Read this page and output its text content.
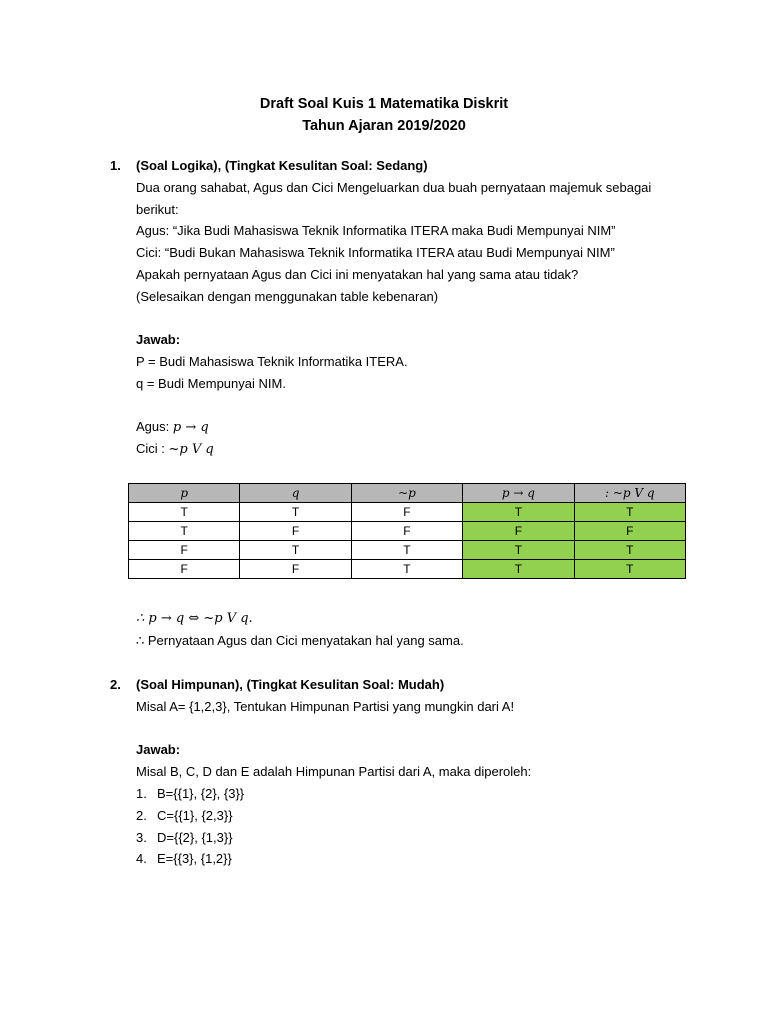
Draft Soal Kuis 1 Matematika Diskrit
Tahun Ajaran 2019/2020
1. (Soal Logika), (Tingkat Kesulitan Soal: Sedang)
Dua orang sahabat, Agus dan Cici Mengeluarkan dua buah pernyataan majemuk sebagai
berikut:
Agus: “Jika Budi Mahasiswa Teknik Informatika ITERA maka Budi Mempunyai NIM”
Cici: “Budi Bukan Mahasiswa Teknik Informatika ITERA atau Budi Mempunyai NIM”
Apakah pernyataan Agus dan Cici ini menyatakan hal yang sama atau tidak?
(Selesaikan dengan menggunakan table kebenaran)
Jawab:
P = Budi Mahasiswa Teknik Informatika ITERA.
q = Budi Mempunyai NIM.
Agus: p → q
Cici : ~p V q
p	q	~p	p → q	: ~p V q
T	T	F	T	T
T	F	F	F	F
F	T	T	T	T
F	F	T	T	T
∴ p → q ⇔ ~p V q.
∴ Pernyataan Agus dan Cici menyatakan hal yang sama.
2. (Soal Himpunan), (Tingkat Kesulitan Soal: Mudah)
Misal A= {1,2,3}, Tentukan Himpunan Partisi yang mungkin dari A!
Jawab:
Misal B, C, D dan E adalah Himpunan Partisi dari A, maka diperoleh:
1. B={{1}, {2}, {3}}
2. C={{1}, {2,3}}
3. D={{2}, {1,3}}
4. E={{3}, {1,2}}
